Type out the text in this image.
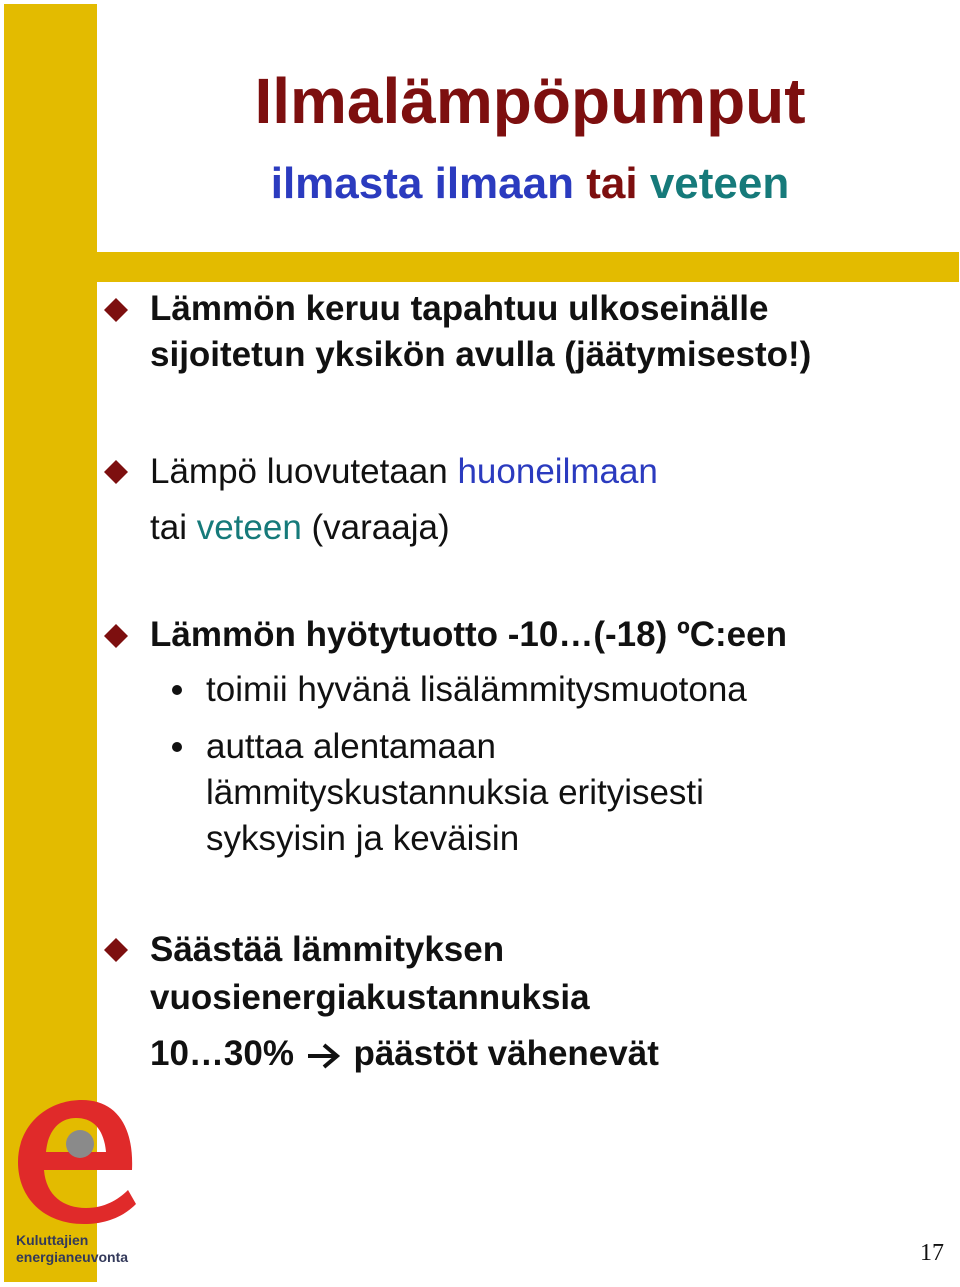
Ilmalämpöpumput
ilmasta ilmaan tai veteen
Lämmön keruu tapahtuu ulkoseinälle
sijoitetun yksikön avulla (jäätymisesto!)
Lämpö luovutetaan huoneilmaan
tai veteen (varaaja)
Lämmön hyötytuotto -10…(-18) ºC:een
toimii hyvänä lisälämmitysmuotona
auttaa alentamaan
lämmityskustannuksia erityisesti
syksyisin ja keväisin
Säästää lämmityksen
vuosienergiakustannuksia
10…30% päästöt vähenevät
Kuluttajien
energianeuvonta	17
